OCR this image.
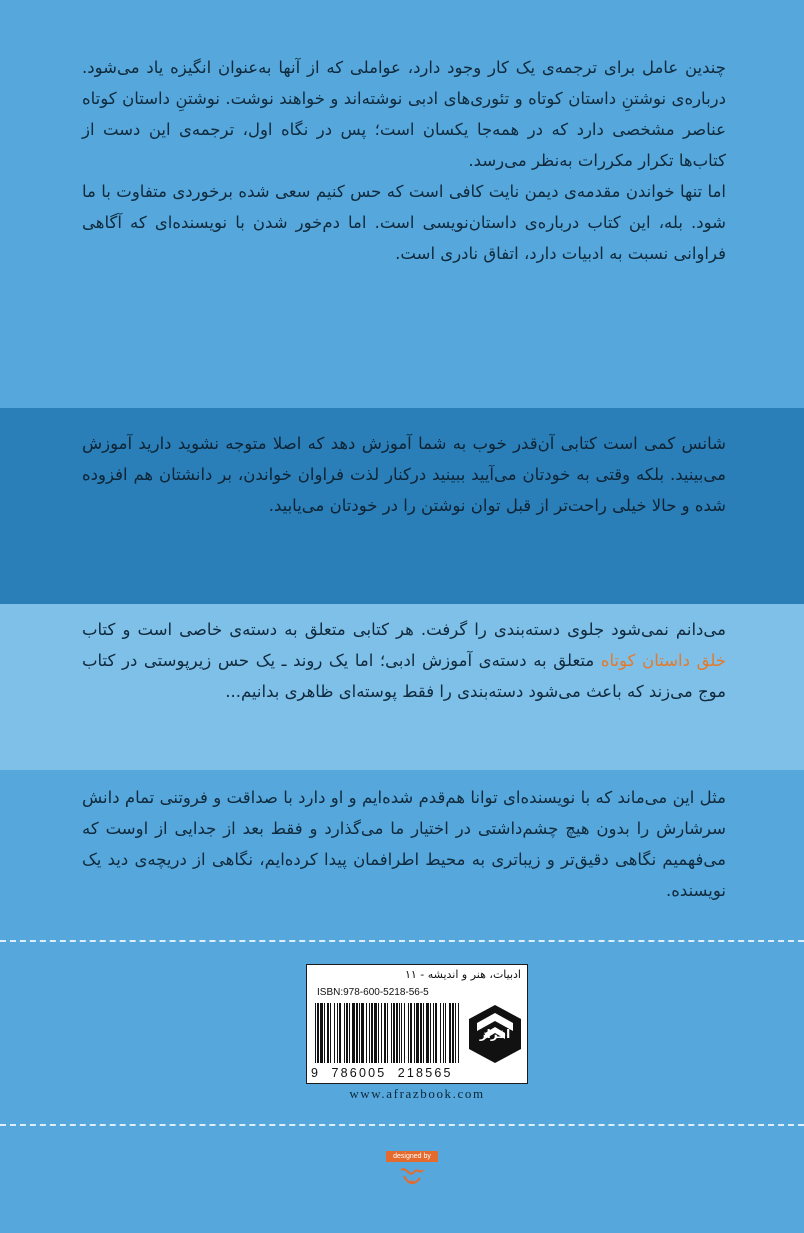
چندین عامل برای ترجمه‌ی یک کار وجود دارد، عواملی که از آنها به‌عنوان انگیزه یاد می‌شود. درباره‌ی نوشتنِ داستان کوتاه و تئوری‌های ادبی نوشته‌اند و خواهند نوشت. نوشتنِ داستان کوتاه عناصر مشخصی دارد که در همه‌جا یکسان است؛ پس در نگاه اول، ترجمه‌ی این دست از کتاب‌ها تکرار مکررات به‌نظر می‌رسد.

اما تنها خواندن مقدمه‌ی دیمن نایت کافی است که حس کنیم سعی شده برخوردی متفاوت با ما شود. بله، این کتاب درباره‌ی داستان‌نویسی است. اما دم‌خور شدن با نویسنده‌ای که آگاهی فراوانی نسبت به ادبیات دارد، اتفاق نادری است.

شانس کمی است کتابی آن‌قدر خوب به شما آموزش دهد که اصلا متوجه نشوید دارید آموزش می‌بینید. بلکه وقتی به خودتان می‌آیید ببینید درکنار لذت فراوان خواندن، بر دانشتان هم افزوده شده و حالا خیلی راحت‌تر از قبل توان نوشتن را در خودتان می‌یابید.

می‌دانم نمی‌شود جلوی دسته‌بندی را گرفت. هر کتابی متعلق به دسته‌ی خاصی است و کتاب خلق داستان کوتاه متعلق به دسته‌ی آموزش ادبی؛ اما یک روند ـ یک حس زیرپوستی در کتاب موج می‌زند که باعث می‌شود دسته‌بندی را فقط پوسته‌ای ظاهری بدانیم...

مثل این می‌ماند که با نویسنده‌ای توانا هم‌قدم شده‌ایم و او دارد با صداقت و فروتنی تمام دانش سرشارش را بدون هیچ چشم‌داشتی در اختیار ما می‌گذارد و فقط بعد از جدایی از اوست که می‌فهمیم نگاهی دقیق‌تر و زیباتری به محیط اطرافمان پیدا کرده‌ایم، نگاهی از دریچه‌ی دید یک نویسنده.

ادبیات، هنر و اندیشه - ۱۱
ISBN:978-600-5218-56-5
9  786005  218565
افراز
www.afrazbook.com
designed by
